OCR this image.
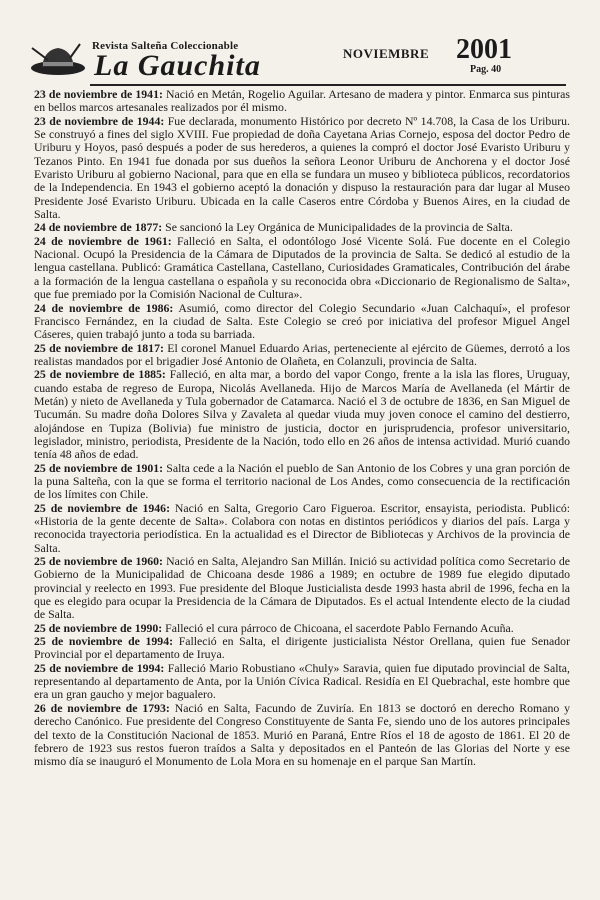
Revista Salteña Coleccionable
La Gauchita	NOVIEMBRE 2001
Pag. 40

23 de noviembre de 1941: Nació en Metán, Rogelio Aguilar. Artesano de madera y pintor. Enmarca sus pinturas en bellos marcos artesanales realizados por él mismo.

23 de noviembre de 1944: Fue declarada, monumento Histórico por decreto Nº 14.708, la Casa de los Uriburu. Se construyó a fines del siglo XVIII. Fue propiedad de doña Cayetana Arias Cornejo, esposa del doctor Pedro de Uriburu y Hoyos, pasó después a poder de sus herederos, a quienes la compró el doctor José Evaristo Uriburu y Tezanos Pinto. En 1941 fue donada por sus dueños la señora Leonor Uriburu de Anchorena y el doctor José Evaristo Uriburu al gobierno Nacional, para que en ella se fundara un museo y biblioteca públicos, recordatorios de la Independencia. En 1943 el gobierno aceptó la donación y dispuso la restauración para dar lugar al Museo Presidente José Evaristo Uriburu. Ubicada en la calle Caseros entre Córdoba y Buenos Aires, en la ciudad de Salta.

24 de noviembre de 1877: Se sancionó la Ley Orgánica de Municipalidades de la provincia de Salta.

24 de noviembre de 1961: Falleció en Salta, el odontólogo José Vicente Solá. Fue docente en el Colegio Nacional. Ocupó la Presidencia de la Cámara de Diputados de la provincia de Salta. Se dedicó al estudio de la lengua castellana. Publicó: Gramática Castellana, Castellano, Curiosidades Gramaticales, Contribución del árabe a la formación de la lengua castellana o española y su reconocida obra «Diccionario de Regionalismo de Salta», que fue premiado por la Comisión Nacional de Cultura».

24 de noviembre de 1986: Asumió, como director del Colegio Secundario «Juan Calchaquí», el profesor Francisco Fernández, en la ciudad de Salta. Este Colegio se creó por iniciativa del profesor Miguel Angel Cáseres, quien trabajó junto a toda su barriada.

25 de noviembre de 1817: El coronel Manuel Eduardo Arias, perteneciente al ejército de Güemes, derrotó a los realistas mandados por el brigadier José Antonio de Olañeta, en Colanzuli, provincia de Salta.

25 de noviembre de 1885: Falleció, en alta mar, a bordo del vapor Congo, frente a la isla las flores, Uruguay, cuando estaba de regreso de Europa, Nicolás Avellaneda. Hijo de Marcos María de Avellaneda (el Mártir de Metán) y nieto de Avellaneda y Tula gobernador de Catamarca. Nació el 3 de octubre de 1836, en San Miguel de Tucumán. Su madre doña Dolores Silva y Zavaleta al quedar viuda muy joven conoce el camino del destierro, alojándose en Tupiza (Bolivia) fue ministro de justicia, doctor en jurisprudencia, profesor universitario, legislador, ministro, periodista, Presidente de la Nación, todo ello en 26 años de intensa actividad. Murió cuando tenía 48 años de edad.

25 de noviembre de 1901: Salta cede a la Nación el pueblo de San Antonio de los Cobres y una gran porción de la puna Salteña, con la que se forma el territorio nacional de Los Andes, como consecuencia de la rectificación de los límites con Chile.

25 de noviembre de 1946: Nació en Salta, Gregorio Caro Figueroa. Escritor, ensayista, periodista. Publicó: «Historia de la gente decente de Salta». Colabora con notas en distintos periódicos y diarios del país. Larga y reconocida trayectoria periodística. En la actualidad es el Director de Bibliotecas y Archivos de la provincia de Salta.

25 de noviembre de 1960: Nació en Salta, Alejandro San Millán. Inició su actividad política como Secretario de Gobierno de la Municipalidad de Chicoana desde 1986 a 1989; en octubre de 1989 fue elegido diputado provincial y reelecto en 1993. Fue presidente del Bloque Justicialista desde 1993 hasta abril de 1996, fecha en la que es elegido para ocupar la Presidencia de la Cámara de Diputados. Es el actual Intendente electo de la ciudad de Salta.

25 de noviembre de 1990: Falleció el cura párroco de Chicoana, el sacerdote Pablo Fernando Acuña.

25 de noviembre de 1994: Falleció en Salta, el dirigente justicialista Néstor Orellana, quien fue Senador Provincial por el departamento de Iruya.

25 de noviembre de 1994: Falleció Mario Robustiano «Chuly» Saravia, quien fue diputado provincial de Salta, representando al departamento de Anta, por la Unión Cívica Radical. Residía en El Quebrachal, este hombre que era un gran gaucho y mejor bagualero.

26 de noviembre de 1793: Nació en Salta, Facundo de Zuviría. En 1813 se doctoró en derecho Romano y derecho Canónico. Fue presidente del Congreso Constituyente de Santa Fe, siendo uno de los autores principales del texto de la Constitución Nacional de 1853. Murió en Paraná, Entre Ríos el 18 de agosto de 1861. El 20 de febrero de 1923 sus restos fueron traídos a Salta y depositados en el Panteón de las Glorias del Norte y ese mismo día se inauguró el Monumento de Lola Mora en su homenaje en el parque San Martín.
